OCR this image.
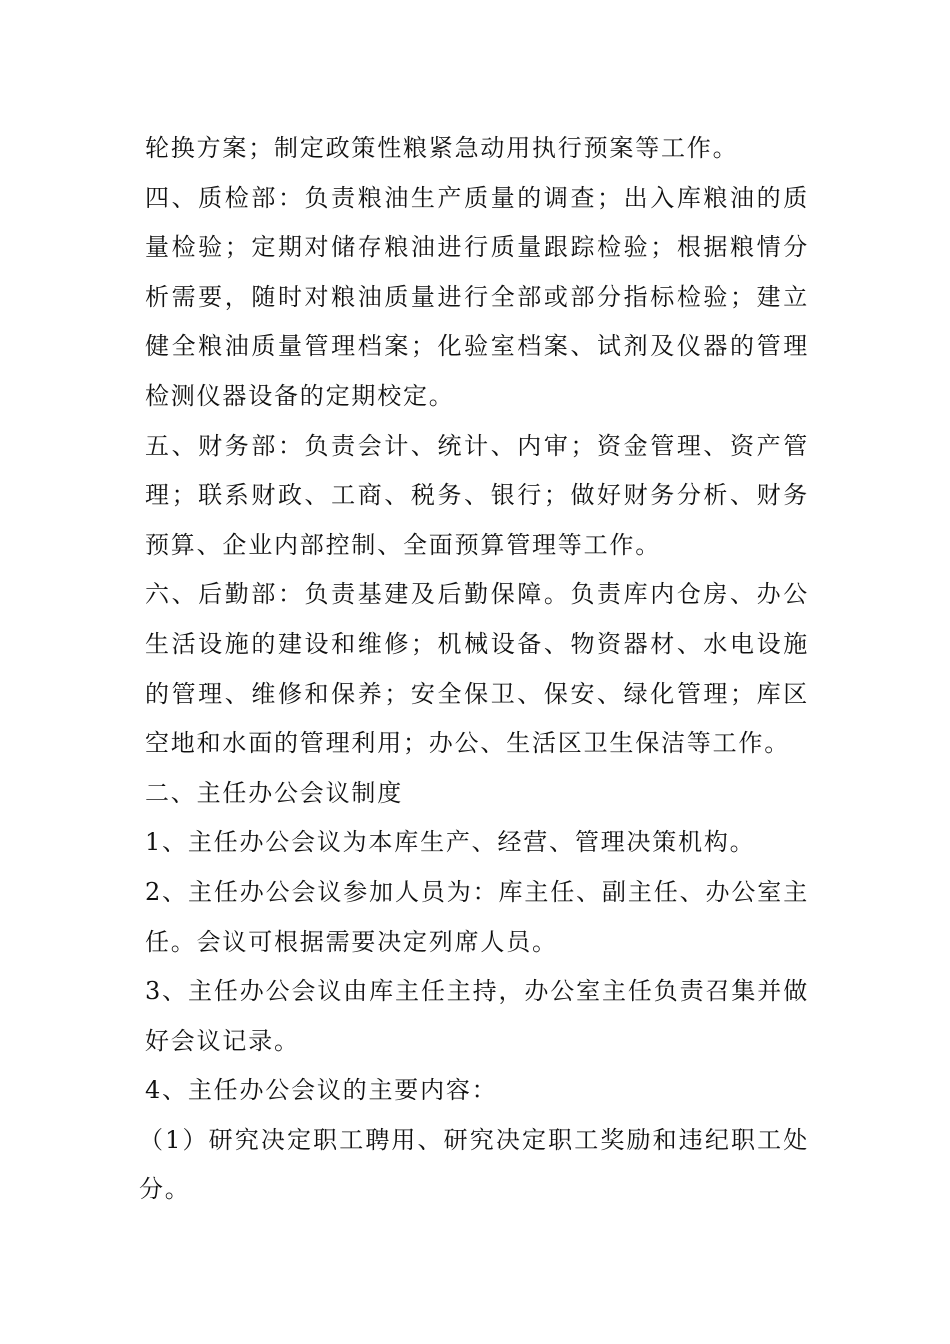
轮换方案；制定政策性粮紧急动用执行预案等工作。

四、质检部：负责粮油生产质量的调查；出入库粮油的质量检验；定期对储存粮油进行质量跟踪检验；根据粮情分析需要，随时对粮油质量进行全部或部分指标检验；建立健全粮油质量管理档案；化验室档案、试剂及仪器的管理检测仪器设备的定期校定。

五、财务部：负责会计、统计、内审；资金管理、资产管理；联系财政、工商、税务、银行；做好财务分析、财务预算、企业内部控制、全面预算管理等工作。

六、后勤部：负责基建及后勤保障。负责库内仓房、办公生活设施的建设和维修；机械设备、物资器材、水电设施的管理、维修和保养；安全保卫、保安、绿化管理；库区空地和水面的管理利用；办公、生活区卫生保洁等工作。

二、主任办公会议制度

1、主任办公会议为本库生产、经营、管理决策机构。

2、主任办公会议参加人员为：库主任、副主任、办公室主任。会议可根据需要决定列席人员。

3、主任办公会议由库主任主持，办公室主任负责召集并做好会议记录。

4、主任办公会议的主要内容：

（1）研究决定职工聘用、研究决定职工奖励和违纪职工处分。
